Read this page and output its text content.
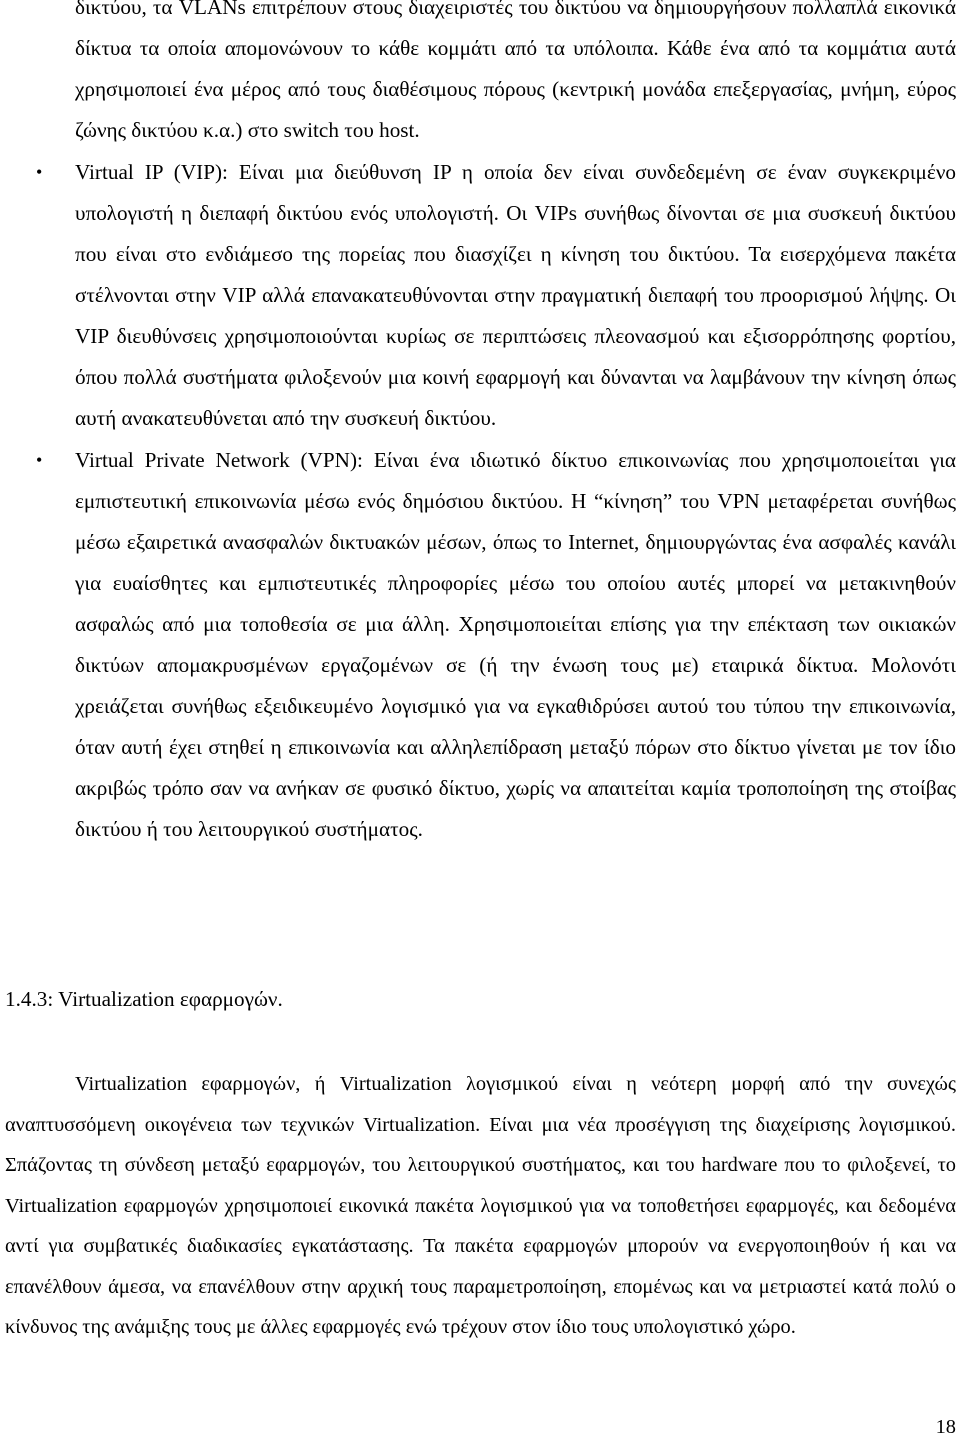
δικτύου, τα VLANs επιτρέπουν στους διαχειριστές του δικτύου να δημιουργήσουν πολλαπλά εικονικά δίκτυα τα οποία απομονώνουν το κάθε κομμάτι από τα υπόλοιπα. Κάθε ένα από τα κομμάτια αυτά χρησιμοποιεί ένα μέρος από τους διαθέσιμους πόρους (κεντρική μονάδα επεξεργασίας, μνήμη, εύρος ζώνης δικτύου κ.α.) στο switch του host.
• Virtual IP (VIP): Είναι μια διεύθυνση IP η οποία δεν είναι συνδεδεμένη σε έναν συγκεκριμένο υπολογιστή η διεπαφή δικτύου ενός υπολογιστή. Οι VIPs συνήθως δίνονται σε μια συσκευή δικτύου που είναι στο ενδιάμεσο της πορείας που διασχίζει η κίνηση του δικτύου. Τα εισερχόμενα πακέτα στέλνονται στην VIP αλλά επανακατευθύνονται στην πραγματική διεπαφή του προορισμού λήψης. Οι VIP διευθύνσεις χρησιμοποιούνται κυρίως σε περιπτώσεις πλεονασμού και εξισορρόπησης φορτίου, όπου πολλά συστήματα φιλοξενούν μια κοινή εφαρμογή και δύνανται να λαμβάνουν την κίνηση όπως αυτή ανακατευθύνεται από την συσκευή δικτύου.
• Virtual Private Network (VPN): Είναι ένα ιδιωτικό δίκτυο επικοινωνίας που χρησιμοποιείται για εμπιστευτική επικοινωνία μέσω ενός δημόσιου δικτύου. Η “κίνηση” του VPN μεταφέρεται συνήθως μέσω εξαιρετικά ανασφαλών δικτυακών μέσων, όπως το Internet, δημιουργώντας ένα ασφαλές κανάλι για ευαίσθητες και εμπιστευτικές πληροφορίες μέσω του οποίου αυτές μπορεί να μετακινηθούν ασφαλώς από μια τοποθεσία σε μια άλλη. Χρησιμοποιείται επίσης για την επέκταση των οικιακών δικτύων απομακρυσμένων εργαζομένων σε (ή την ένωση τους με) εταιρικά δίκτυα. Μολονότι χρειάζεται συνήθως εξειδικευμένο λογισμικό για να εγκαθιδρύσει αυτού του τύπου την επικοινωνία, όταν αυτή έχει στηθεί η επικοινωνία και αλληλεπίδραση μεταξύ πόρων στο δίκτυο γίνεται με τον ίδιο ακριβώς τρόπο σαν να ανήκαν σε φυσικό δίκτυο, χωρίς να απαιτείται καμία τροποποίηση της στοίβας δικτύου ή του λειτουργικού συστήματος.
1.4.3: Virtualization εφαρμογών.

Virtualization εφαρμογών, ή Virtualization λογισμικού είναι η νεότερη μορφή από την συνεχώς αναπτυσσόμενη οικογένεια των τεχνικών Virtualization. Είναι μια νέα προσέγγιση της διαχείρισης λογισμικού. Σπάζοντας τη σύνδεση μεταξύ εφαρμογών, του λειτουργικού συστήματος, και του hardware που το φιλοξενεί, το Virtualization εφαρμογών χρησιμοποιεί εικονικά πακέτα λογισμικού για να τοποθετήσει εφαρμογές, και δεδομένα αντί για συμβατικές διαδικασίες εγκατάστασης. Τα πακέτα εφαρμογών μπορούν να ενεργοποιηθούν ή και να επανέλθουν άμεσα, να επανέλθουν στην αρχική τους παραμετροποίηση, επομένως και να μετριαστεί κατά πολύ ο κίνδυνος της ανάμιξης τους με άλλες εφαρμογές ενώ τρέχουν στον ίδιο τους υπολογιστικό χώρο.

18
